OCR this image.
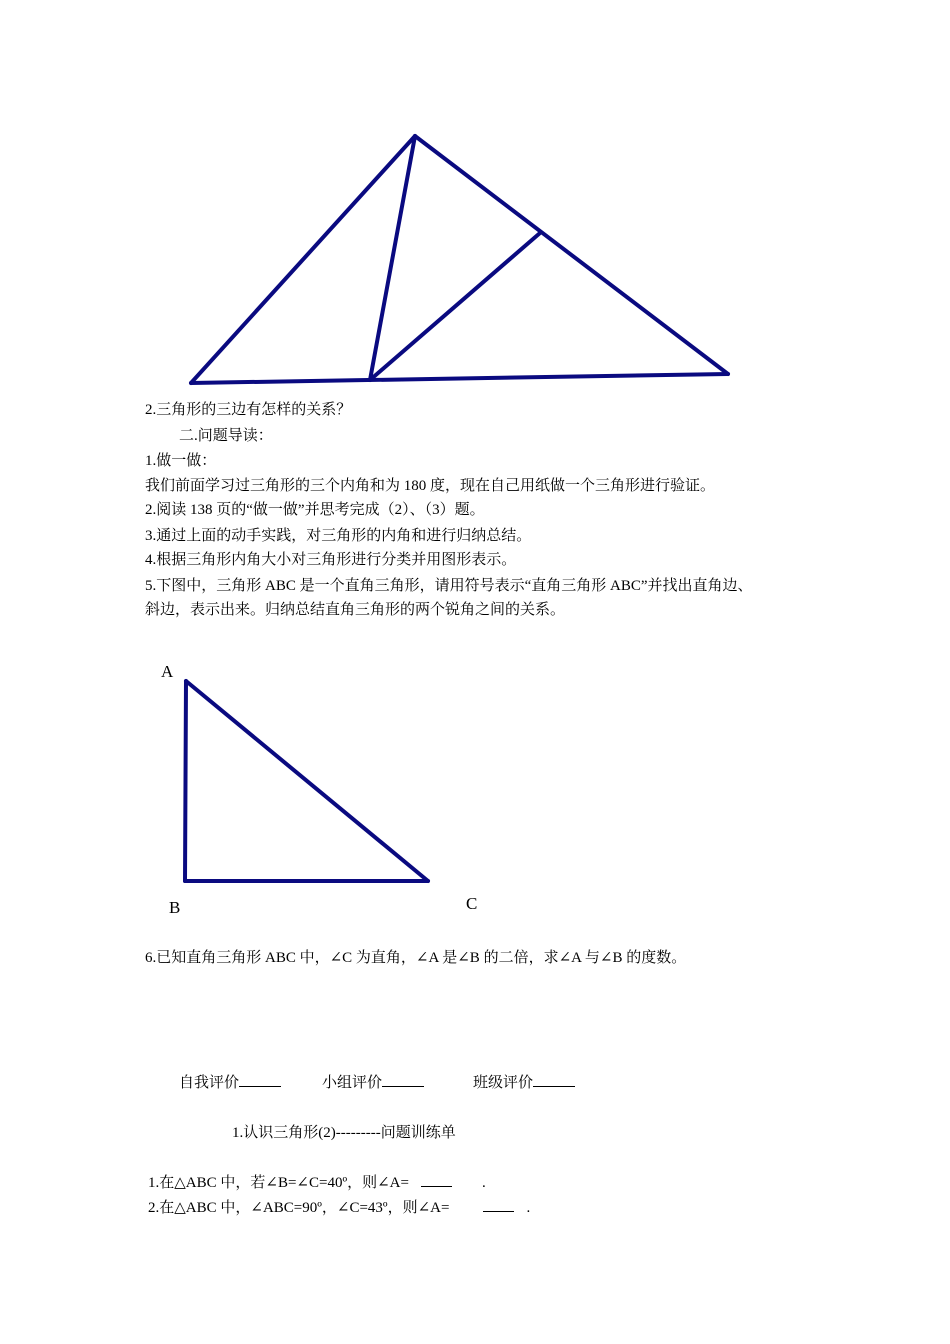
2.三角形的三边有怎样的关系？
二.问题导读：
1.做一做：
我们前面学习过三角形的三个内角和为 180 度，现在自己用纸做一个三角形进行验证。
2.阅读 138 页的“做一做”并思考完成（2）、（3）题。
3.通过上面的动手实践，对三角形的内角和进行归纳总结。
4.根据三角形内角大小对三角形进行分类并用图形表示。
5.下图中，三角形 ABC 是一个直角三角形，请用符号表示“直角三角形 ABC”并找出直角边、
斜边，表示出来。归纳总结直角三角形的两个锐角之间的关系。
A
B	C
6.已知直角三角形 ABC 中，∠C 为直角，∠A 是∠B 的二倍，求∠A 与∠B 的度数。
自我评价	小组评价	班级评价
1.认识三角形(2)---------问题训练单
1.在△ABC 中，若∠B=∠C=40º，则∠A=	.
2.在△ABC 中，∠ABC=90º，∠C=43º，则∠A=	.
